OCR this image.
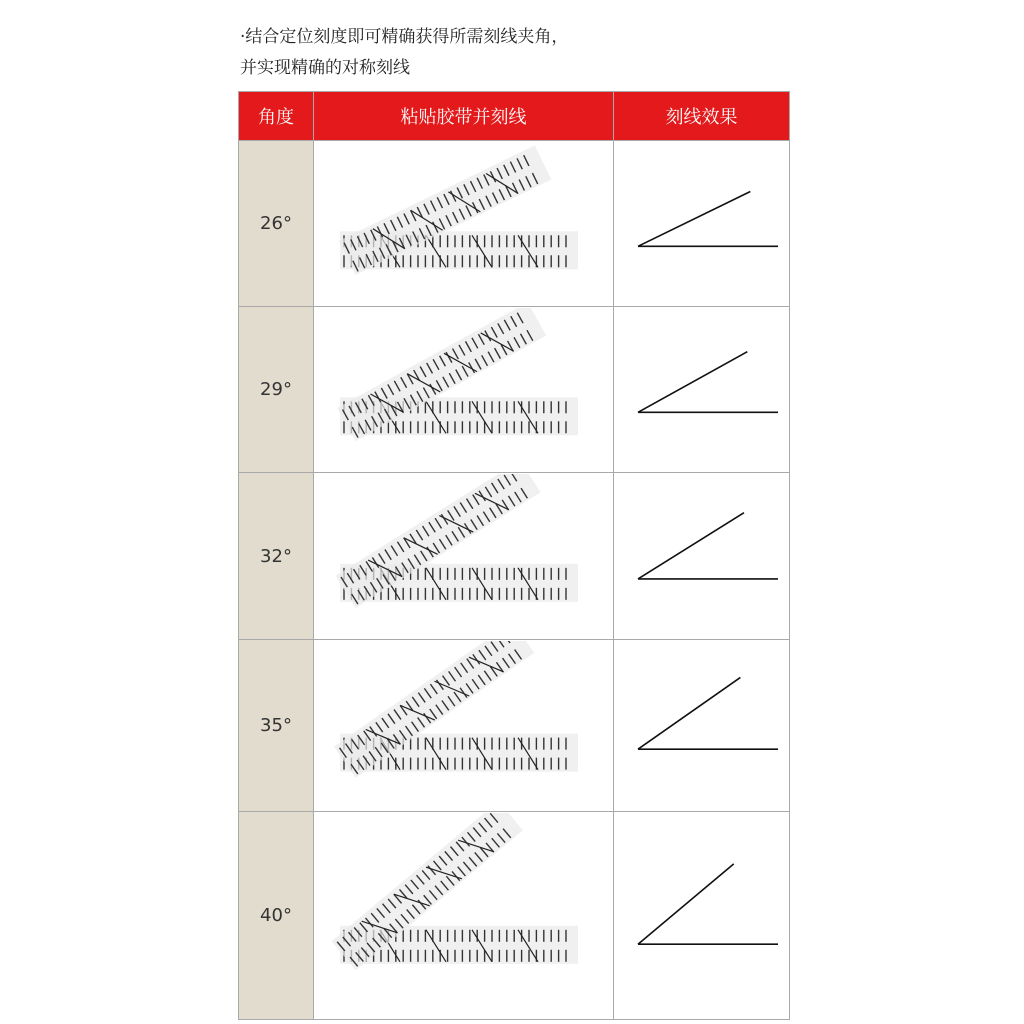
·结合定位刻度即可精确获得所需刻线夹角，
并实现精确的对称刻线
角度	粘贴胶带并刻线	刻线效果
26°	

29°	

32°	

35°	

40°	
